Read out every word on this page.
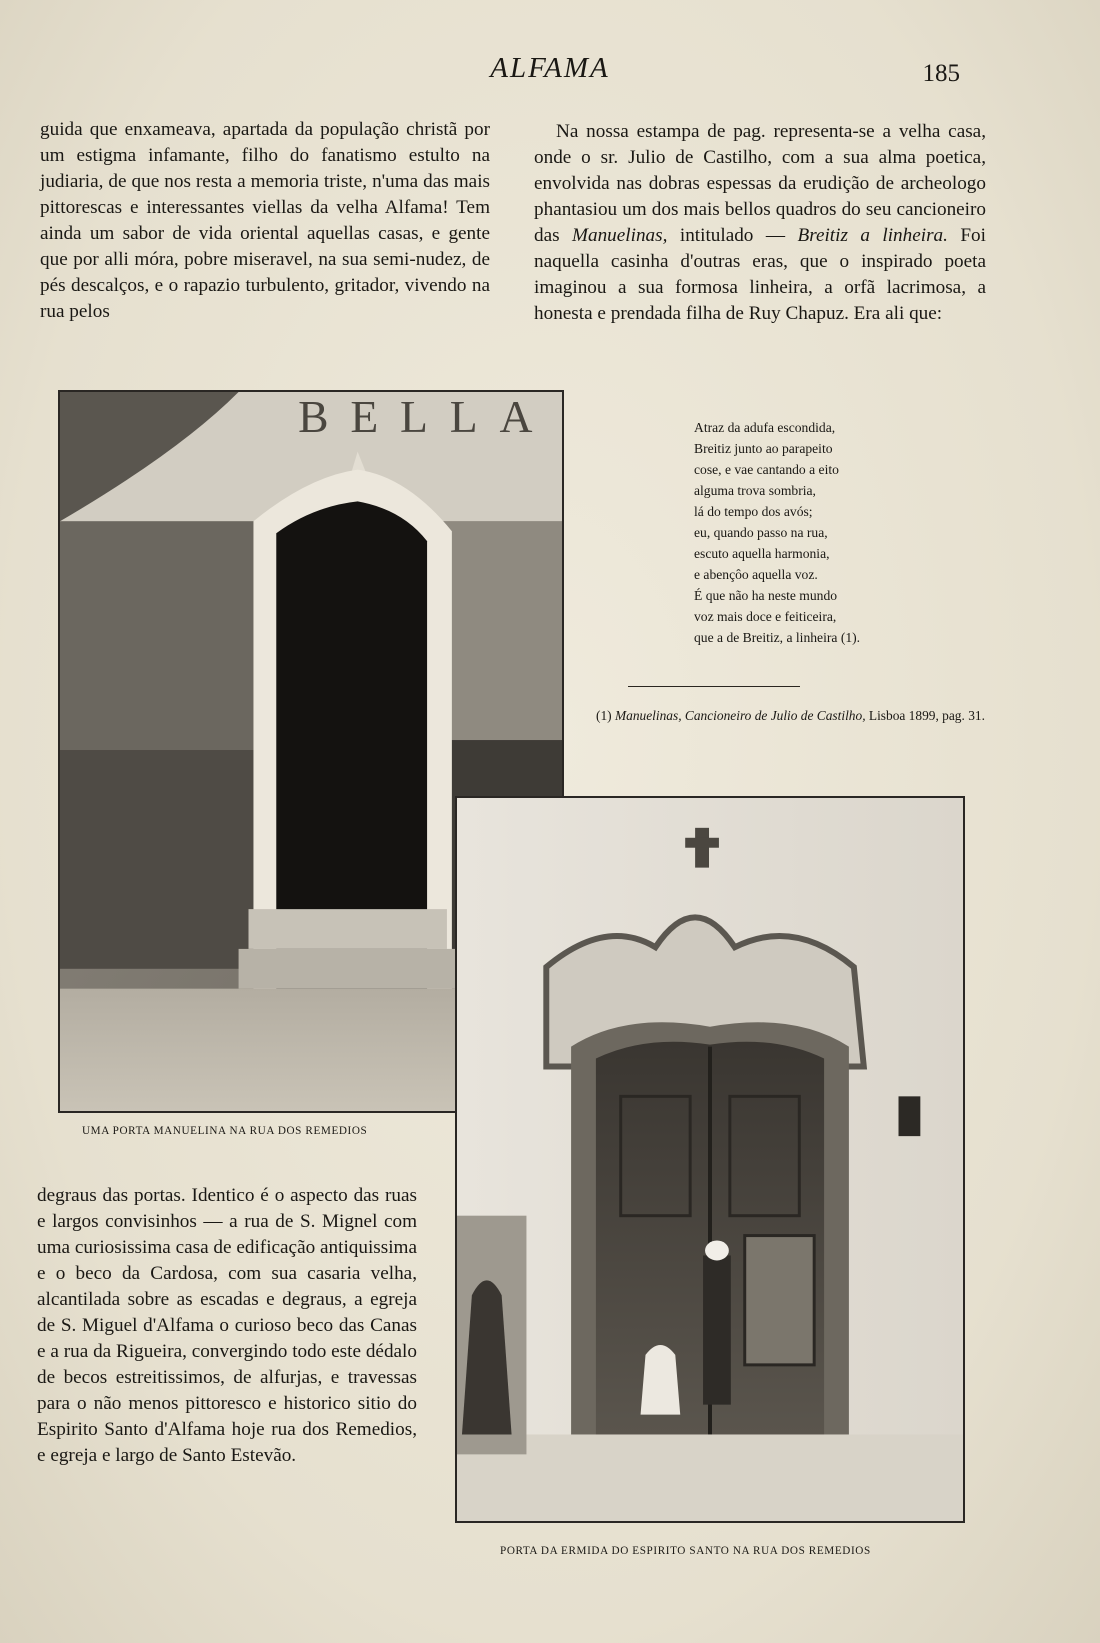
ALFAMA	185

guida que enxameava, apartada da população christã por um estigma infamante, filho do fanatismo estulto na judiaria, de que nos resta a memoria triste, n'uma das mais pittorescas e interessantes viellas da velha Alfama! Tem ainda um sabor de vida oriental aquellas casas, e gente que por alli móra, pobre miseravel, na sua semi-nudez, de pés descalços, e o rapazio turbulento, gritador, vivendo na rua pelos

Na nossa estampa de pag. representa-se a velha casa, onde o sr. Julio de Castilho, com a sua alma poetica, envolvida nas dobras espessas da erudição de archeologo phantasiou um dos mais bellos quadros do seu cancioneiro das Manuelinas, intitulado — Breitiz a linheira. Foi naquella casinha d'outras eras, que o inspirado poeta imaginou a sua formosa linheira, a orfã lacrimosa, a honesta e prendada filha de Ruy Chapuz. Era ali que:

Atraz da adufa escondida,
Breitiz junto ao parapeito
cose, e vae cantando a eito
alguma trova sombria,
lá do tempo dos avós;
eu, quando passo na rua,
escuto aquella harmonia,
e abençôo aquella voz.
É que não ha neste mundo
voz mais doce e feiticeira,
que a de Breitiz, a linheira (1).
(1) Manuelinas, Cancioneiro de Julio de Castilho, Lisboa 1899, pag. 31.
BELLA
UMA PORTA MANUELINA NA RUA DOS REMEDIOS
PORTA DA ERMIDA DO ESPIRITO SANTO NA RUA DOS REMEDIOS

degraus das portas. Identico é o aspecto das ruas e largos convisinhos — a rua de S. Mignel com uma curiosissima casa de edificação antiquissima e o beco da Cardosa, com sua casaria velha, alcantilada sobre as escadas e degraus, a egreja de S. Miguel d'Alfama o curioso beco das Canas e a rua da Rigueira, convergindo todo este dédalo de becos estreitissimos, de alfurjas, e travessas para o não menos pittoresco e historico sitio do Espirito Santo d'Alfama hoje rua dos Remedios, e egreja e largo de Santo Estevão.
